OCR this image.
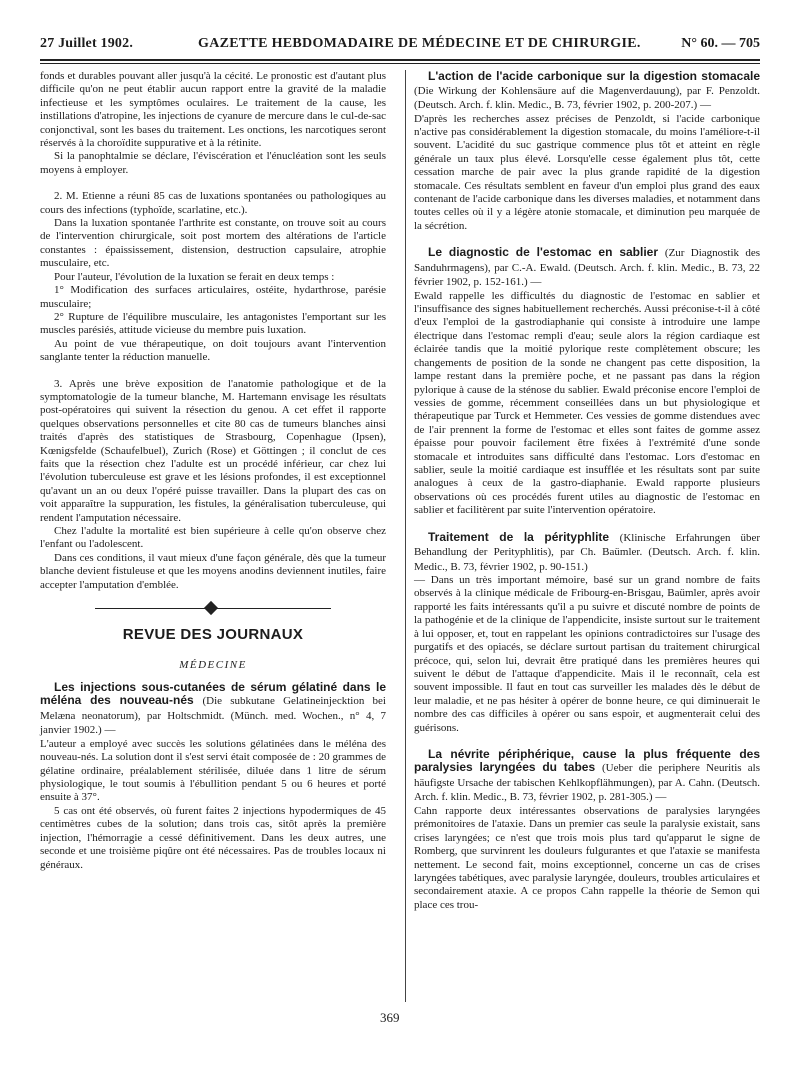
27 Juillet 1902.	GAZETTE HEBDOMADAIRE DE MÉDECINE ET DE CHIRURGIE.	N° 60. — 705

fonds et durables pouvant aller jusqu'à la cécité. Le pronostic est d'autant plus difficile qu'on ne peut établir aucun rapport entre la gravité de la maladie infectieuse et les symptômes oculaires. Le traitement de la cause, les instillations d'atropine, les injections de cyanure de mercure dans le cul-de-sac conjonctival, sont les bases du traitement. Les onctions, les narcotiques seront réservés à la choroïdite suppurative et à la rétinite.

Si la panophtalmie se déclare, l'éviscération et l'énucléation sont les seuls moyens à employer.

2. M. Etienne a réuni 85 cas de luxations spontanées ou pathologiques au cours des infections (typhoïde, scarlatine, etc.).

Dans la luxation spontanée l'arthrite est constante, on trouve soit au cours de l'intervention chirurgicale, soit post mortem des altérations de l'article constantes : épaississement, distension, destruction capsulaire, atrophie musculaire, etc.

Pour l'auteur, l'évolution de la luxation se ferait en deux temps :

1° Modification des surfaces articulaires, ostéite, hydarthrose, parésie musculaire;

2° Rupture de l'équilibre musculaire, les antagonistes l'emportant sur les muscles parésiés, attitude vicieuse du membre puis luxation.

Au point de vue thérapeutique, on doit toujours avant l'intervention sanglante tenter la réduction manuelle.

3. Après une brève exposition de l'anatomie pathologique et de la symptomatologie de la tumeur blanche, M. Hartemann envisage les résultats post-opératoires qui suivent la résection du genou. A cet effet il rapporte quelques observations personnelles et cite 80 cas de tumeurs blanches ainsi traités d'après des statistiques de Strasbourg, Copenhague (Ipsen), Kœnigsfelde (Schaufelbuel), Zurich (Rose) et Göttingen ; il conclut de ces faits que la résection chez l'adulte est un procédé inférieur, car chez lui l'évolution tuberculeuse est grave et les lésions profondes, il est exceptionnel qu'avant un an ou deux l'opéré puisse travailler. Dans la plupart des cas on voit apparaître la suppuration, les fistules, la généralisation tuberculeuse, qui rendent l'amputation nécessaire.

Chez l'adulte la mortalité est bien supérieure à celle qu'on observe chez l'enfant ou l'adolescent.

Dans ces conditions, il vaut mieux d'une façon générale, dès que la tumeur blanche devient fistuleuse et que les moyens anodins deviennent inutiles, faire accepter l'amputation d'emblée.

REVUE DES JOURNAUX
MÉDECINE

Les injections sous-cutanées de sérum gélatiné dans le méléna des nouveau-nés (Die subkutane Gelatineinjecktion bei Melæna neonatorum), par Holtschmidt. (Münch. med. Wochen., n° 4, 7 janvier 1902.) —

L'auteur a employé avec succès les solutions gélatinées dans le méléna des nouveau-nés. La solution dont il s'est servi était composée de : 20 grammes de gélatine ordinaire, préalablement stérilisée, diluée dans 1 litre de sérum physiologique, le tout soumis à l'ébullition pendant 5 ou 6 heures et porté ensuite à 37°.

5 cas ont été observés, où furent faites 2 injections hypodermiques de 45 centimètres cubes de la solution; dans trois cas, sitôt après la première injection, l'hémorragie a cessé définitivement. Dans les deux autres, une seconde et une troisième piqûre ont été nécessaires. Pas de troubles locaux ni généraux.

L'action de l'acide carbonique sur la digestion stomacale (Die Wirkung der Kohlensäure auf die Magenverdauung), par F. Penzoldt. (Deutsch. Arch. f. klin. Medic., B. 73, février 1902, p. 200-207.) —

D'après les recherches assez précises de Penzoldt, si l'acide carbonique n'active pas considérablement la digestion stomacale, du moins l'améliore-t-il souvent. L'acidité du suc gastrique commence plus tôt et atteint en règle générale un taux plus élevé. Lorsqu'elle cesse également plus tôt, cette cessation marche de pair avec la plus grande rapidité de la digestion stomacale. Ces résultats semblent en faveur d'un emploi plus grand des eaux contenant de l'acide carbonique dans les diverses maladies, et notamment dans toutes celles où il y a légère atonie stomacale, et diminution peu marquée de la sécrétion.

Le diagnostic de l'estomac en sablier (Zur Diagnostik des Sanduhrmagens), par C.-A. Ewald. (Deutsch. Arch. f. klin. Medic., B. 73, 22 février 1902, p. 152-161.) —

Ewald rappelle les difficultés du diagnostic de l'estomac en sablier et l'insuffisance des signes habituellement recherchés. Aussi préconise-t-il à côté d'eux l'emploi de la gastrodiaphanie qui consiste à introduire une lampe électrique dans l'estomac rempli d'eau; seule alors la région cardiaque est éclairée tandis que la moitié pylorique reste complètement obscure; les changements de position de la sonde ne changent pas cette disposition, la lampe restant dans la première poche, et ne passant pas dans la région pylorique à cause de la sténose du sablier. Ewald préconise encore l'emploi de vessies de gomme, récemment conseillées dans un but physiologique et thérapeutique par Turck et Hemmeter. Ces vessies de gomme distendues avec de l'air prennent la forme de l'estomac et elles sont faites de gomme assez épaisse pour pouvoir facilement être fixées à l'extrémité d'une sonde stomacale et introduites sans difficulté dans l'estomac. Lors d'estomac en sablier, seule la moitié cardiaque est insufflée et les résultats sont par suite analogues à ceux de la gastro-diaphanie. Ewald rapporte plusieurs observations où ces procédés furent utiles au diagnostic de l'estomac en sablier et facilitèrent par suite l'intervention opératoire.

Traitement de la pérityphlite (Klinische Erfahrungen über Behandlung der Perityphlitis), par Ch. Baümler. (Deutsch. Arch. f. klin. Medic., B. 73, février 1902, p. 90-151.)

— Dans un très important mémoire, basé sur un grand nombre de faits observés à la clinique médicale de Fribourg-en-Brisgau, Baümler, après avoir rapporté les faits intéressants qu'il a pu suivre et discuté nombre de points de la pathogénie et de la clinique de l'appendicite, insiste surtout sur le traitement à lui opposer, et, tout en rappelant les opinions contradictoires sur l'usage des purgatifs et des opiacés, se déclare surtout partisan du traitement chirurgical précoce, qui, selon lui, devrait être pratiqué dans les premières heures qui suivent le début de l'attaque d'appendicite. Mais il le reconnaît, cela est souvent impossible. Il faut en tout cas surveiller les malades dès le début de leur maladie, et ne pas hésiter à opérer de bonne heure, ce qui diminuerait le nombre des cas difficiles à opérer ou sans espoir, et augmenterait celui des guérisons.

La névrite périphérique, cause la plus fréquente des paralysies laryngées du tabes (Ueber die periphere Neuritis als häufigste Ursache der tabischen Kehlkopflähmungen), par A. Cahn. (Deutsch. Arch. f. klin. Medic., B. 73, février 1902, p. 281-305.) —

Cahn rapporte deux intéressantes observations de paralysies laryngées prémonitoires de l'ataxie. Dans un premier cas seule la paralysie existait, sans crises laryngées; ce n'est que trois mois plus tard qu'apparut le signe de Romberg, que survinrent les douleurs fulgurantes et que l'ataxie se manifesta nettement. Le second fait, moins exceptionnel, concerne un cas de crises laryngées tabétiques, avec paralysie laryngée, douleurs, troubles articulaires et secondairement ataxie. A ce propos Cahn rappelle la théorie de Semon qui place ces trou-

369
